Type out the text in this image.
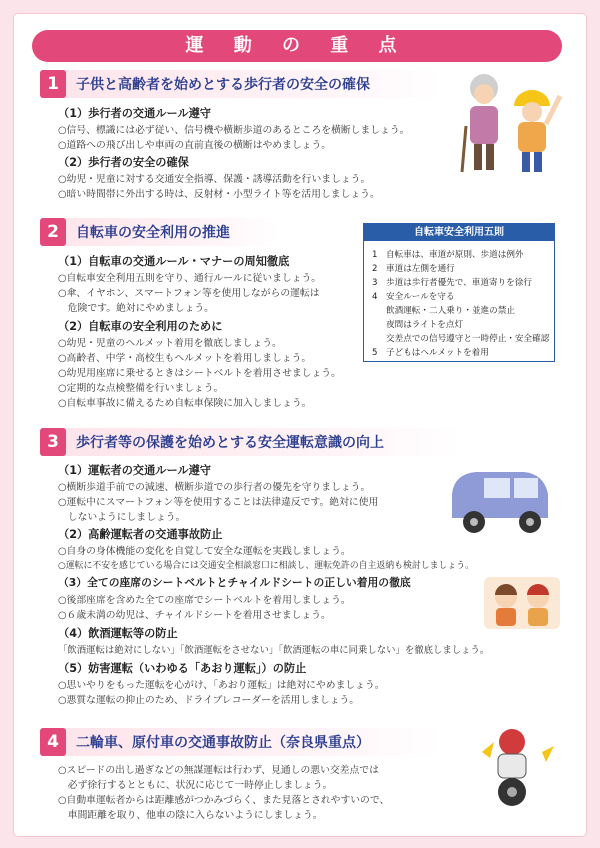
運 動 の 重 点
1	子供と高齢者を始めとする歩行者の安全の確保
（1）歩行者の交通ルール遵守
○信号、標識には必ず従い、信号機や横断歩道のあるところを横断しましょう。
○道路への飛び出しや車両の直前直後の横断はやめましょう。
（2）歩行者の安全の確保
○幼児・児童に対する交通安全指導、保護・誘導活動を行いましょう。
○暗い時間帯に外出する時は、反射材・小型ライト等を活用しましょう。
2	自転車の安全利用の推進
（1）自転車の交通ルール・マナーの周知徹底
○自転車安全利用五則を守り、通行ルールに従いましょう。
○傘、イヤホン、スマートフォン等を使用しながらの運転は
　危険です。絶対にやめましょう。
（2）自転車の安全利用のために
○幼児・児童のヘルメット着用を徹底しましょう。
○高齢者、中学・高校生もヘルメットを着用しましょう。
○幼児用座席に乗せるときはシートベルトを着用させましょう。
○定期的な点検整備を行いましょう。
○自転車事故に備えるため自転車保険に加入しましょう。
自転車安全利用五則
1 自転車は、車道が原則、歩道は例外
2 車道は左側を通行
3 歩道は歩行者優先で、車道寄りを徐行
4 安全ルールを守る
飲酒運転・二人乗り・並進の禁止
夜間はライトを点灯
交差点での信号遵守と一時停止・安全確認
5 子どもはヘルメットを着用
3	歩行者等の保護を始めとする安全運転意識の向上
（1）運転者の交通ルール遵守
○横断歩道手前での減速、横断歩道での歩行者の優先を守りましょう。
○運転中にスマートフォン等を使用することは法律違反です。絶対に使用
　しないようにしましょう。
（2）高齢運転者の交通事故防止
○自身の身体機能の変化を自覚して安全な運転を実践しましょう。
○運転に不安を感じている場合には交通安全相談窓口に相談し、運転免許の自主返納も検討しましょう。
（3）全ての座席のシートベルトとチャイルドシートの正しい着用の徹底
○後部座席を含めた全ての座席でシートベルトを着用しましょう。
○６歳未満の幼児は、チャイルドシートを着用させましょう。
（4）飲酒運転等の防止
「飲酒運転は絶対にしない」「飲酒運転をさせない」「飲酒運転の車に同乗しない」を徹底しましょう。
（5）妨害運転（いわゆる「あおり運転」）の防止
○思いやりをもった運転を心がけ、「あおり運転」は絶対にやめましょう。
○悪質な運転の抑止のため、ドライブレコーダーを活用しましょう。
4	二輪車、原付車の交通事故防止（奈良県重点）
○スピードの出し過ぎなどの無謀運転は行わず、見通しの悪い交差点では
　必ず徐行するとともに、状況に応じて一時停止しましょう。
○自動車運転者からは距離感がつかみづらく、また見落とされやすいので、
　車間距離を取り、他車の陰に入らないようにしましょう。
